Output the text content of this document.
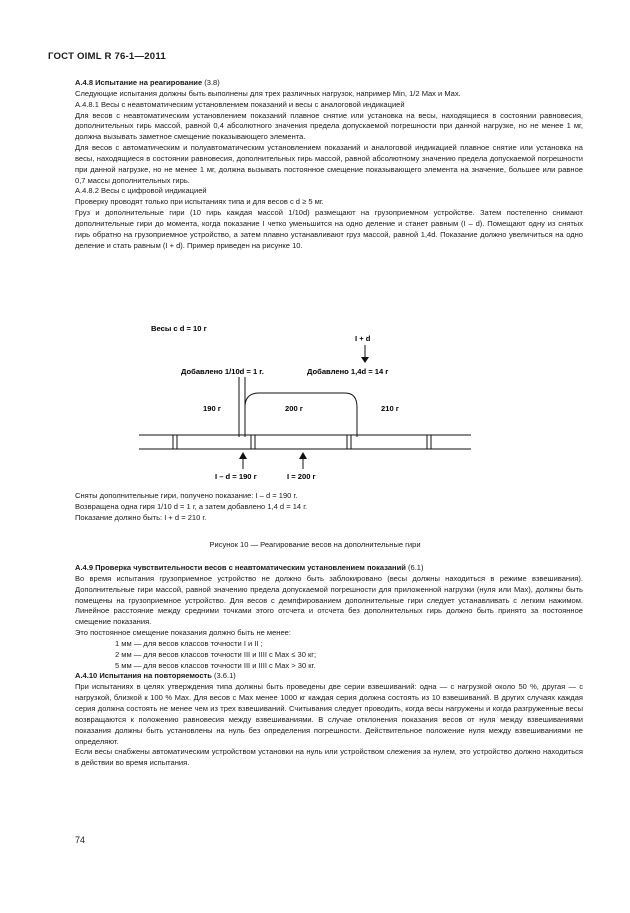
ГОСТ OIML R 76-1—2011

А.4.8 Испытание на реагирование (3.8)

Следующие испытания должны быть выполнены для трех различных нагрузок, например Min, 1/2 Max и Max.

А.4.8.1 Весы с неавтоматическим установлением показаний и весы с аналоговой индикацией

Для весов с неавтоматическим установлением показаний плавное снятие или установка на весы, находящиеся в состоянии равновесия, дополнительных гирь массой, равной 0,4 абсолютного значения предела допускаемой погрешности при данной нагрузке, но не менее 1 мг, должна вызывать заметное смещение показывающего элемента.

Для весов с автоматическим и полуавтоматическим установлением показаний и аналоговой индикацией плавное снятие или установка на весы, находящиеся в состоянии равновесия, дополнительных гирь массой, равной абсолютному значению предела допускаемой погрешности при данной нагрузке, но не менее 1 мг, должна вызывать постоянное смещение показывающего элемента на значение, большее или равное 0,7 массы дополнительных гирь.

А.4.8.2 Весы с цифровой индикацией

Проверку проводят только при испытаниях типа и для весов с d ≥ 5 мг.

Груз и дополнительные гири (10 гирь каждая массой 1/10d) размещают на грузоприемном устройстве. Затем постепенно снимают дополнительные гири до момента, когда показание I четко уменьшится на одно деление и станет равным (I – d). Помещают одну из снятых гирь обратно на грузоприемное устройство, а затем плавно устанавливают груз массой, равной 1,4d. Показание должно увеличиться на одно деление и стать равным (I + d). Пример приведен на рисунке 10.

Весы с d = 10 г
I + d
Добавлено 1/10d = 1 г.	Добавлено 1,4d = 14 г
190 г	200 г	210 г
I – d = 190 г	I = 200 г
Сняты дополнительные гири, получено показание: I – d = 190 г.
Возвращена одна гиря 1/10 d = 1 г, а затем добавлено 1,4 d = 14 г.
Показание должно быть: I + d = 210 г.
Рисунок 10 — Реагирование весов на дополнительные гири

А.4.9 Проверка чувствительности весов с неавтоматическим установлением показаний (6.1)

Во время испытания грузоприемное устройство не должно быть заблокировано (весы должны находиться в режиме взвешивания). Дополнительные гири массой, равной значению предела допускаемой погрешности для приложенной нагрузки (нуля или Max), должны быть помещены на грузоприемное устройство. Для весов с демпфированием дополнительные гири следует устанавливать с легким нажимом. Линейное расстояние между средними точками этого отсчета и отсчета без дополнительных гирь должно быть принято за постоянное смещение показания.

Это постоянное смещение показания должно быть не менее:

1 мм — для весов классов точности I и II ;

2 мм — для весов классов точности III и IIII с Max ≤ 30 кг;

5 мм — для весов классов точности III и IIII с Max > 30 кг.

А.4.10 Испытания на повторяемость (3.6.1)

При испытаниях в целях утверждения типа должны быть проведены две серии взвешиваний: одна — с нагрузкой около 50 %, другая — с нагрузкой, близкой к 100 % Max. Для весов с Max менее 1000 кг каждая серия должна состоять из 10 взвешиваний. В других случаях каждая серия должна состоять не менее чем из трех взвешиваний. Считывания следует проводить, когда весы нагружены и когда разгруженные весы возвращаются к положению равновесия между взвешиваниями. В случае отклонения показания весов от нуля между взвешиваниями показания должны быть установлены на нуль без определения погрешности. Действительное положение нуля между взвешиваниями не определяют.

Если весы снабжены автоматическим устройством установки на нуль или устройством слежения за нулем, это устройство должно находиться в действии во время испытания.

74
